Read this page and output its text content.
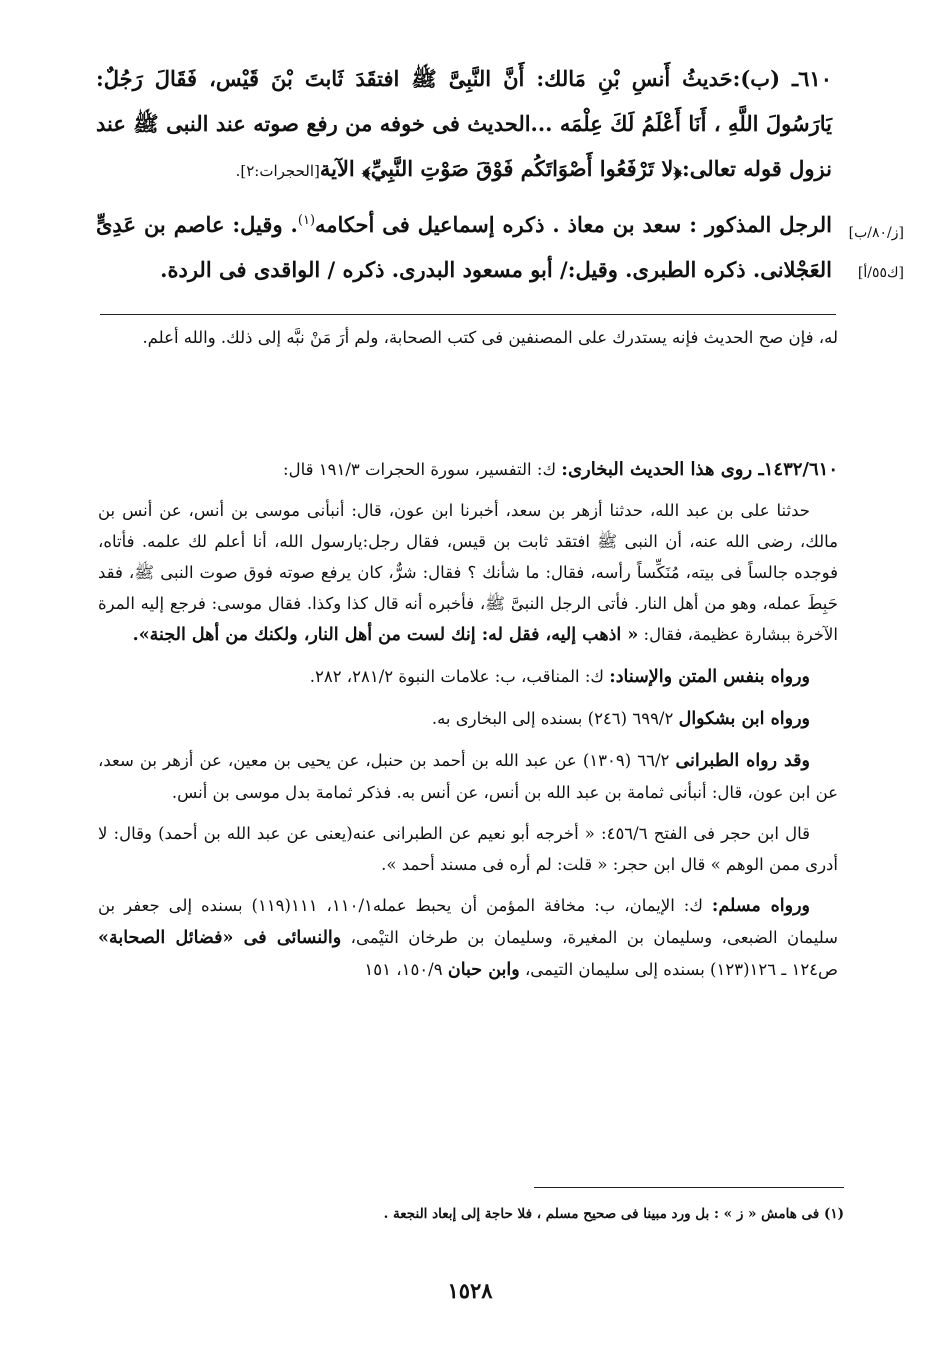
٦١٠ـ (ب):حَديثُ أَنسِ بْنِ مَالك: أَنَّ النَّبِىَّ ﷺ افتقَدَ ثَابتَ بْنَ قَيْس، فَقَالَ رَجُلٌ: يَارَسُولَ اللَّهِ ، أَنَا أَعْلَمُ لَكَ عِلْمَه ...الحديث فى خوفه من رفع صوته عند النبى ﷺ عند نزول قوله تعالى:﴿لا تَرْفَعُوا أَصْوَاتَكُم فَوْقَ صَوْتِ النَّبِيِّ﴾ الآية[الحجرات:٢].

الرجل المذكور : سعد بن معاذ . ذكره إسماعيل فى أحكامه$^{(١)}$. وقيل: عاصم بن عَدِىٍّ العَجْلانى. ذكره الطبرى. وقيل:/ أبو مسعود البدرى. ذكره / الواقدى فى الردة.

[ز/٨٠/ب]
[ك٥٥/أ]

له، فإن صح الحديث فإنه يستدرك على المصنفين فى كتب الصحابة، ولم أرَ مَنْ نبَّه إلى ذلك. والله أعلم.

١٤٣٢/٦١٠ـ روى هذا الحديث البخارى: ك: التفسير، سورة الحجرات ١٩١/٣ قال:

حدثنا على بن عبد الله، حدثنا أزهر بن سعد، أخبرنا ابن عون، قال: أنبأنى موسى بن أنس، عن أنس بن مالك، رضى الله عنه، أن النبى ﷺ افتقد ثابت بن قيس، فقال رجل:يارسول الله، أنا أعلم لك علمه. فأتاه، فوجده جالساً فى بيته، مُنَكِّساً رأسه، فقال: ما شأنك ؟ فقال: شرٌّ، كان يرفع صوته فوق صوت النبى ﷺ، فقد حَبِطَ عمله، وهو من أهل النار. فأتى الرجل النبىَّ ﷺ، فأخبره أنه قال كذا وكذا. فقال موسى: فرجع إليه المرة الآخرة ببشارة عظيمة، فقال: « اذهب إليه، فقل له: إنك لست من أهل النار، ولكنك من أهل الجنة».

ورواه بنفس المتن والإسناد: ك: المناقب، ب: علامات النبوة ٢٨١/٢، ٢٨٢.

ورواه ابن بشكوال ٦٩٩/٢ (٢٤٦) بسنده إلى البخارى به.

وقد رواه الطبرانى ٦٦/٢ (١٣٠٩) عن عبد الله بن أحمد بن حنبل، عن يحيى بن معين، عن أزهر بن سعد، عن ابن عون، قال: أنبأنى ثمامة بن عبد الله بن أنس، عن أنس به. فذكر ثمامة بدل موسى بن أنس.

قال ابن حجر فى الفتح ٤٥٦/٦: « أخرجه أبو نعيم عن الطبرانى عنه(يعنى عن عبد الله بن أحمد) وقال: لا أدرى ممن الوهم » قال ابن حجر: « قلت: لم أره فى مسند أحمد ».

ورواه مسلم: ك: الإيمان، ب: مخافة المؤمن أن يحبط عمله١١٠/١، ١١١(١١٩) بسنده إلى جعفر بن سليمان الضبعى، وسليمان بن المغيرة، وسليمان بن طرخان التيْمى، والنسائى فى «فضائل الصحابة» ص١٢٤ ـ ١٢٦(١٢٣) بسنده إلى سليمان التيمى، وابن حبان ١٥٠/٩، ١٥١

(١) فى هامش « ز » : بل ورد مبينا فى صحيح مسلم ، فلا حاجة إلى إبعاد النجعة .
١٥٢٨
